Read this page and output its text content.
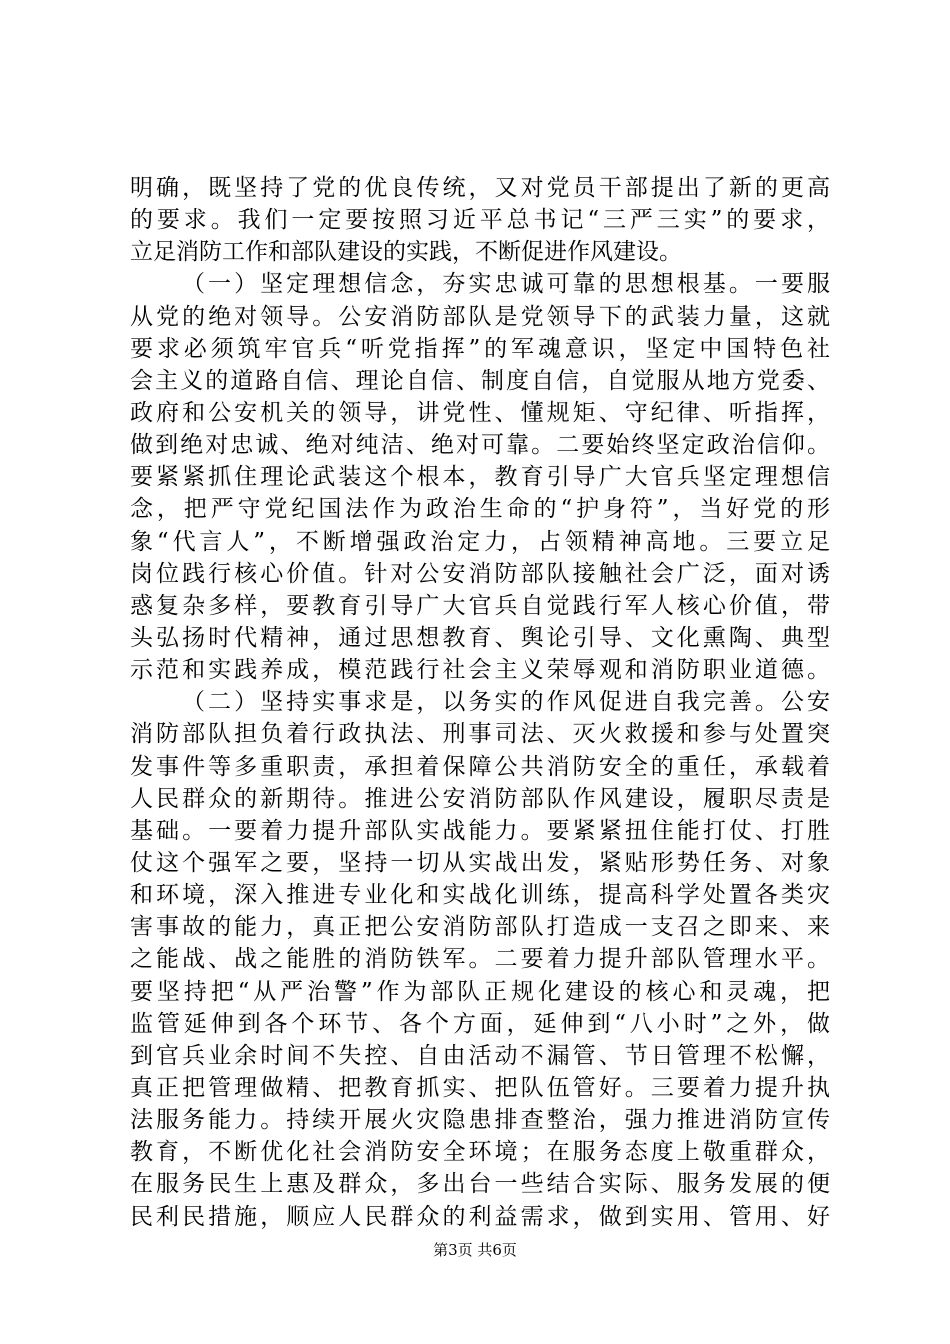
明确，既坚持了党的优良传统，又对党员干部提出了新的更高
的要求。我们一定要按照习近平总书记“三严三实”的要求，
立足消防工作和部队建设的实践，不断促进作风建设。
（一）坚定理想信念，夯实忠诚可靠的思想根基。一要服
从党的绝对领导。公安消防部队是党领导下的武装力量，这就
要求必须筑牢官兵“听党指挥”的军魂意识，坚定中国特色社
会主义的道路自信、理论自信、制度自信，自觉服从地方党委、
政府和公安机关的领导，讲党性、懂规矩、守纪律、听指挥，
做到绝对忠诚、绝对纯洁、绝对可靠。二要始终坚定政治信仰。
要紧紧抓住理论武装这个根本，教育引导广大官兵坚定理想信
念，把严守党纪国法作为政治生命的“护身符”，当好党的形
象“代言人”，不断增强政治定力，占领精神高地。三要立足
岗位践行核心价值。针对公安消防部队接触社会广泛，面对诱
惑复杂多样，要教育引导广大官兵自觉践行军人核心价值，带
头弘扬时代精神，通过思想教育、舆论引导、文化熏陶、典型
示范和实践养成，模范践行社会主义荣辱观和消防职业道德。
（二）坚持实事求是，以务实的作风促进自我完善。公安
消防部队担负着行政执法、刑事司法、灭火救援和参与处置突
发事件等多重职责，承担着保障公共消防安全的重任，承载着
人民群众的新期待。推进公安消防部队作风建设，履职尽责是
基础。一要着力提升部队实战能力。要紧紧扭住能打仗、打胜
仗这个强军之要，坚持一切从实战出发，紧贴形势任务、对象
和环境，深入推进专业化和实战化训练，提高科学处置各类灾
害事故的能力，真正把公安消防部队打造成一支召之即来、来
之能战、战之能胜的消防铁军。二要着力提升部队管理水平。
要坚持把“从严治警”作为部队正规化建设的核心和灵魂，把
监管延伸到各个环节、各个方面，延伸到“八小时”之外，做
到官兵业余时间不失控、自由活动不漏管、节日管理不松懈，
真正把管理做精、把教育抓实、把队伍管好。三要着力提升执
法服务能力。持续开展火灾隐患排查整治，强力推进消防宣传
教育，不断优化社会消防安全环境；在服务态度上敬重群众，
在服务民生上惠及群众，多出台一些结合实际、服务发展的便
民利民措施，顺应人民群众的利益需求，做到实用、管用、好
第3页 共6页
